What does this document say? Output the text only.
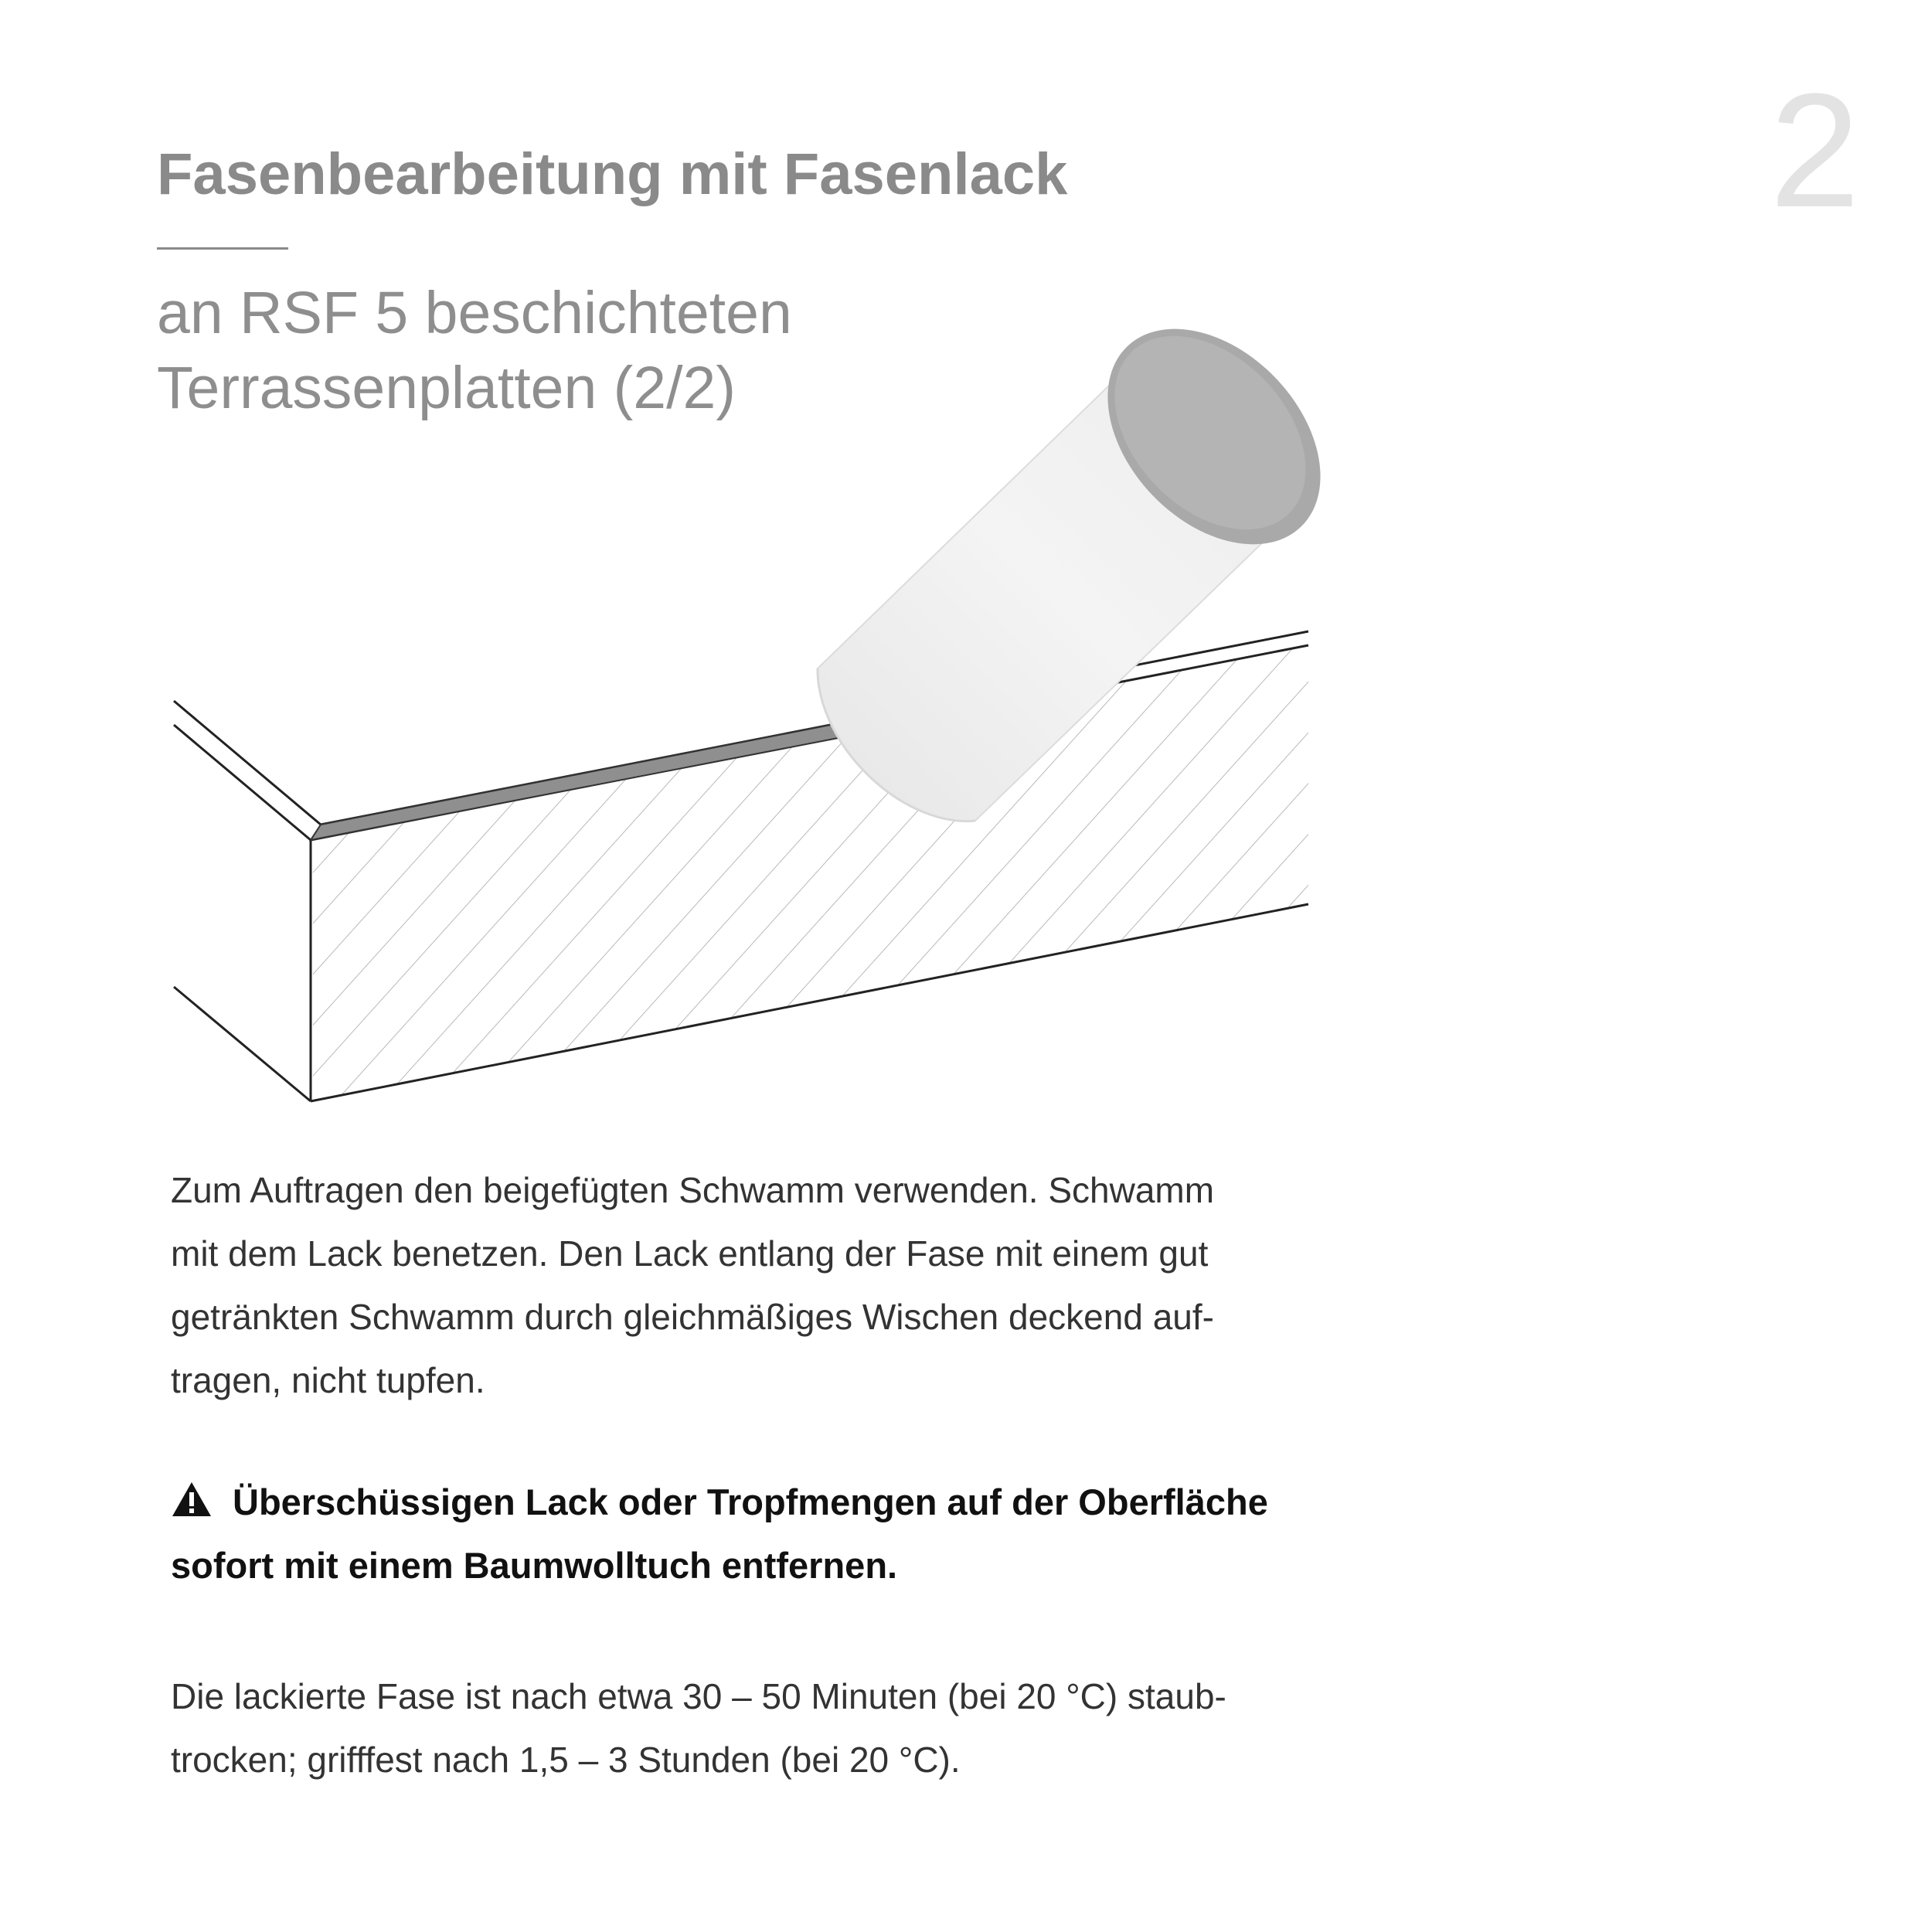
2
Fasenbearbeitung mit Fasenlack
an RSF 5 beschichteten
Terrassenplatten (2/2)

Zum Auftragen den beigefügten Schwamm verwenden. Schwamm
mit dem Lack benetzen. Den Lack entlang der Fase mit einem gut
getränkten Schwamm durch gleichmäßiges Wischen deckend auf-
tragen, nicht tupfen.

Überschüssigen Lack oder Tropfmengen auf der Oberfläche
sofort mit einem Baumwolltuch entfernen.

Die lackierte Fase ist nach etwa 30 – 50 Minuten (bei 20 °C) staub-
trocken; grifffest nach 1,5 – 3 Stunden (bei 20 °C).
